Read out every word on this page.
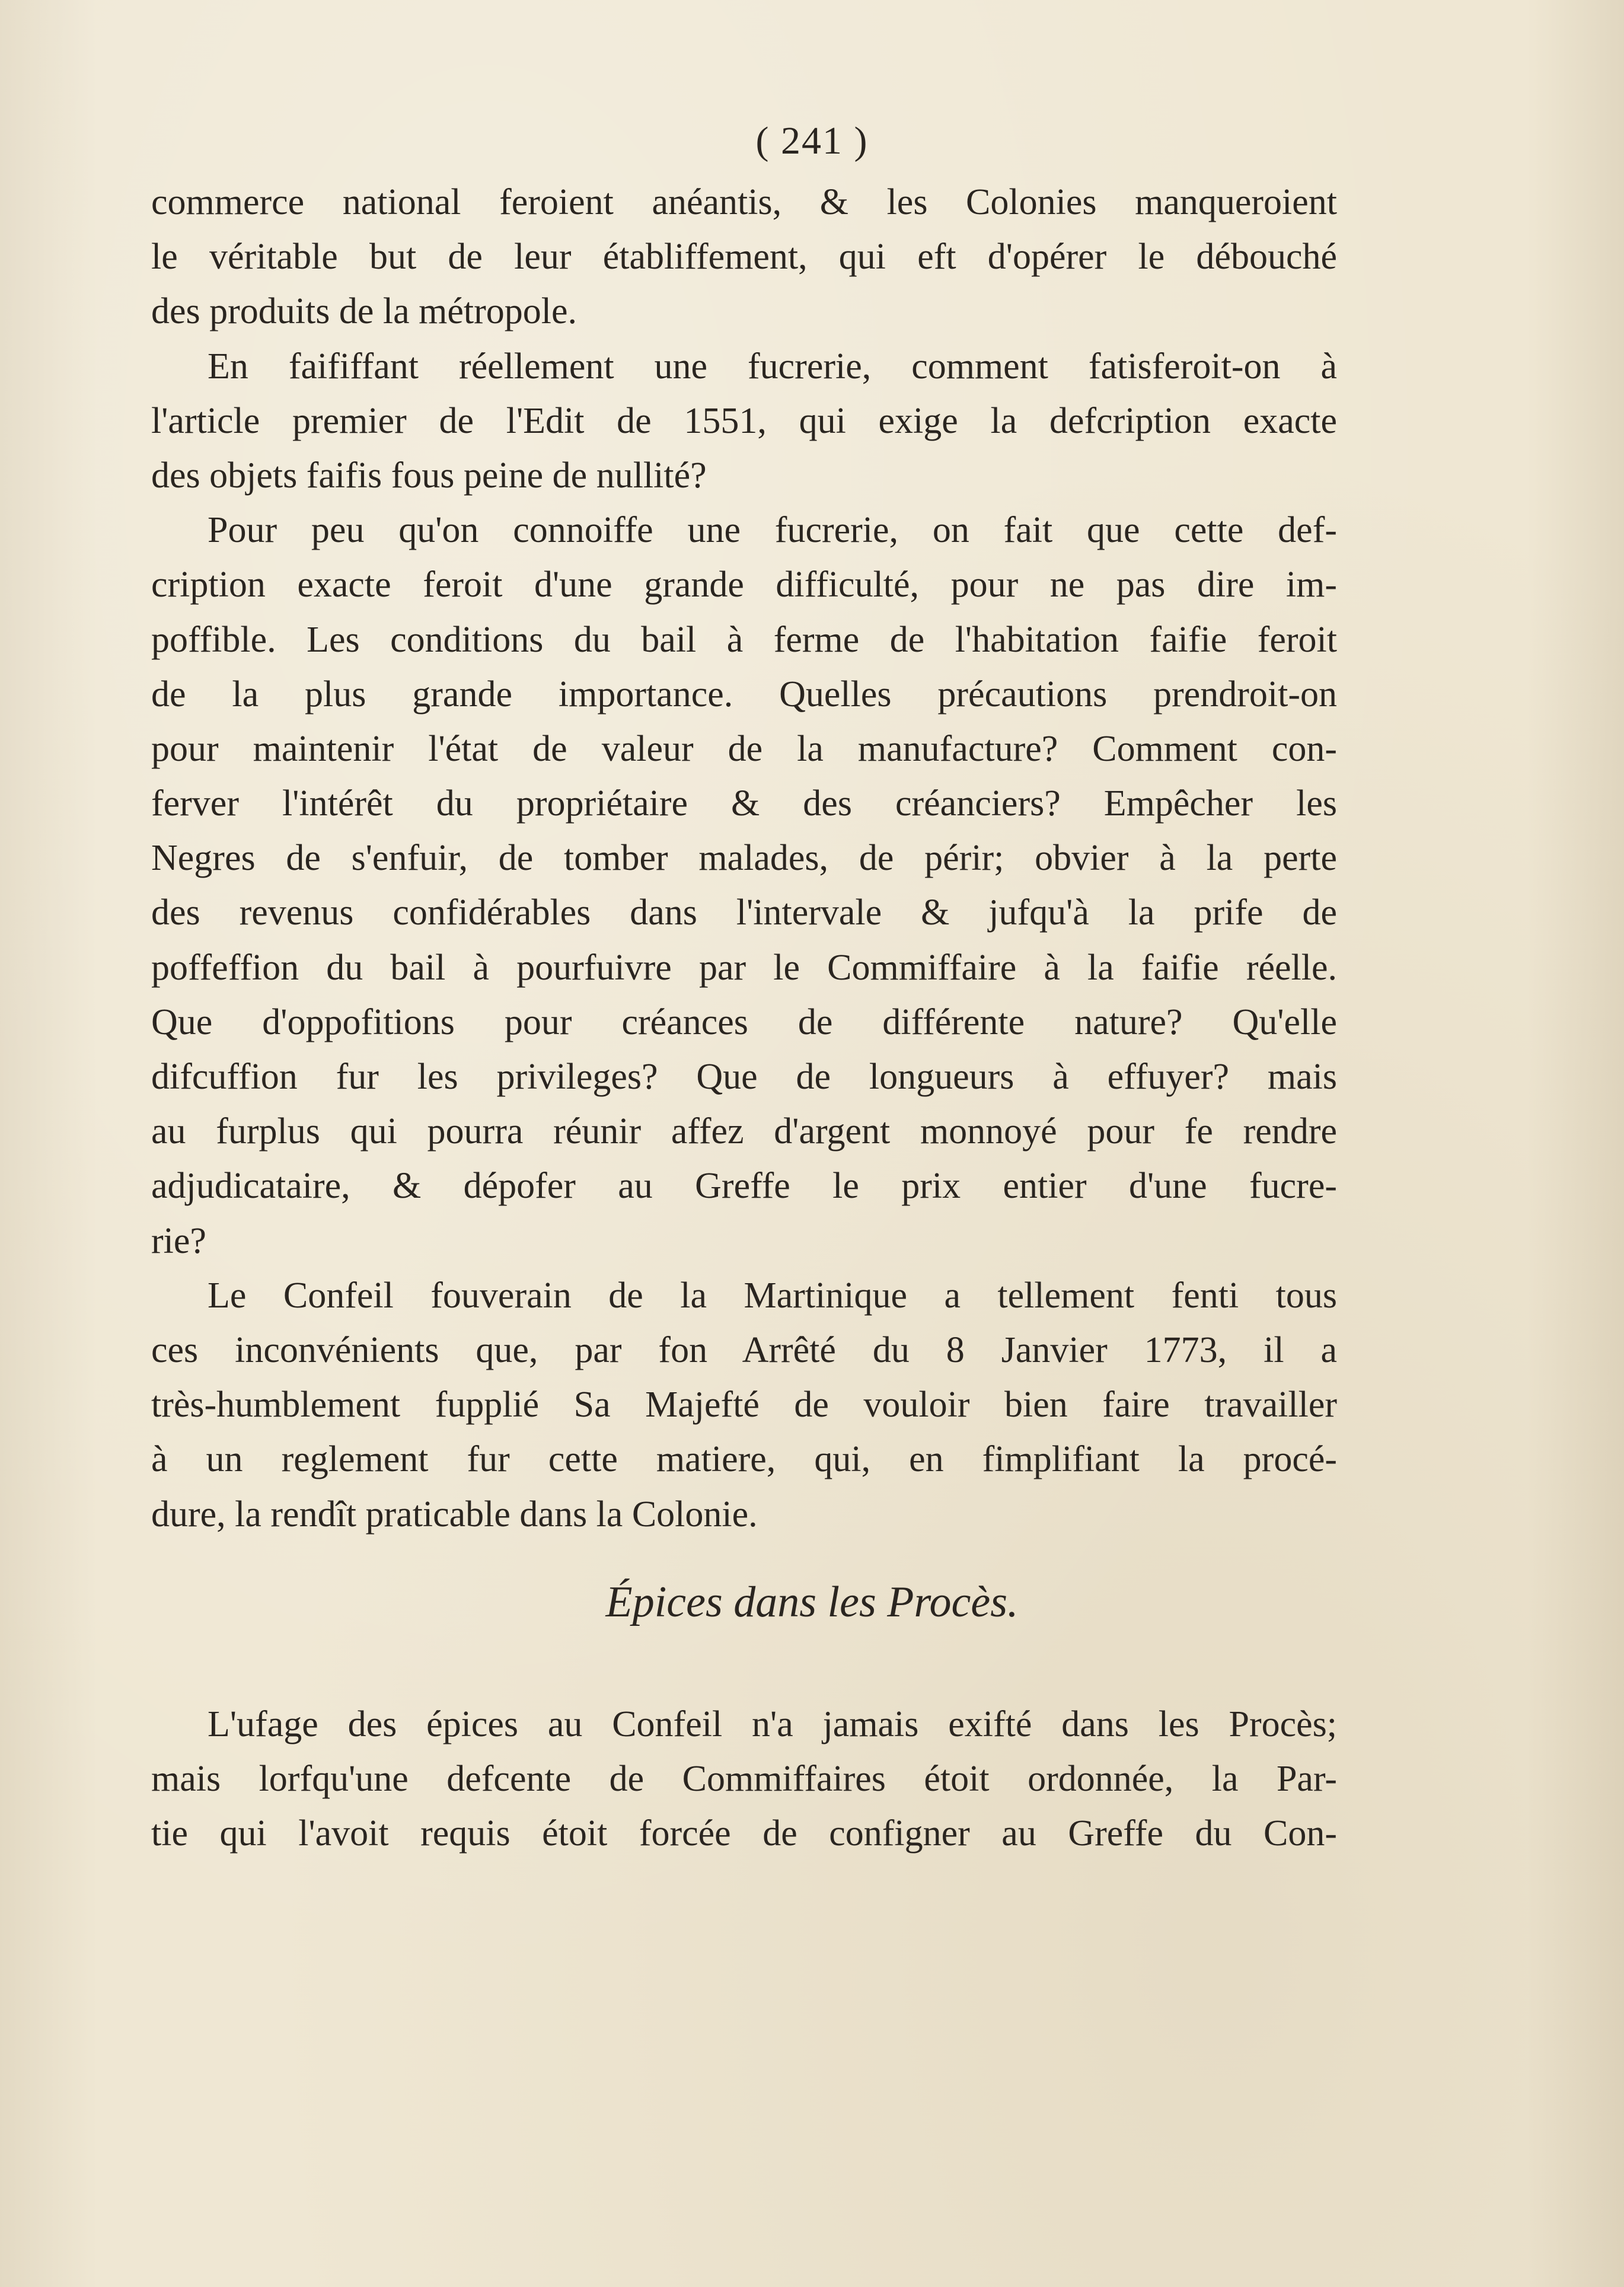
( 241 )
commerce national feroient anéantis, & les Colonies manqueroient
le véritable but de leur établiffement, qui eft d'opérer le débouché
des produits de la métropole.
En faififfant réellement une fucrerie, comment fatisferoit-on à
l'article premier de l'Edit de 1551, qui exige la defcription exacte
des objets faifis fous peine de nullité?
Pour peu qu'on connoiffe une fucrerie, on fait que cette def-
cription exacte feroit d'une grande difficulté, pour ne pas dire im-
poffible. Les conditions du bail à ferme de l'habitation faifie feroit
de la plus grande importance. Quelles précautions prendroit-on
pour maintenir l'état de valeur de la manufacture? Comment con-
ferver l'intérêt du propriétaire & des créanciers? Empêcher les
Negres de s'enfuir, de tomber malades, de périr; obvier à la perte
des revenus confidérables dans l'intervale & jufqu'à la prife de
poffeffion du bail à pourfuivre par le Commiffaire à la faifie réelle.
Que d'oppofitions pour créances de différente nature? Qu'elle
difcuffion fur les privileges? Que de longueurs à effuyer? mais
au furplus qui pourra réunir affez d'argent monnoyé pour fe rendre
adjudicataire, & dépofer au Greffe le prix entier d'une fucre-
rie?
Le Confeil fouverain de la Martinique a tellement fenti tous
ces inconvénients que, par fon Arrêté du 8 Janvier 1773, il a
très-humblement fupplié Sa Majefté de vouloir bien faire travailler
à un reglement fur cette matiere, qui, en fimplifiant la procé-
dure, la rendît praticable dans la Colonie.
Épices dans les Procès.
L'ufage des épices au Confeil n'a jamais exifté dans les Procès;
mais lorfqu'une defcente de Commiffaires étoit ordonnée, la Par-
tie qui l'avoit requis étoit forcée de configner au Greffe du Con-
